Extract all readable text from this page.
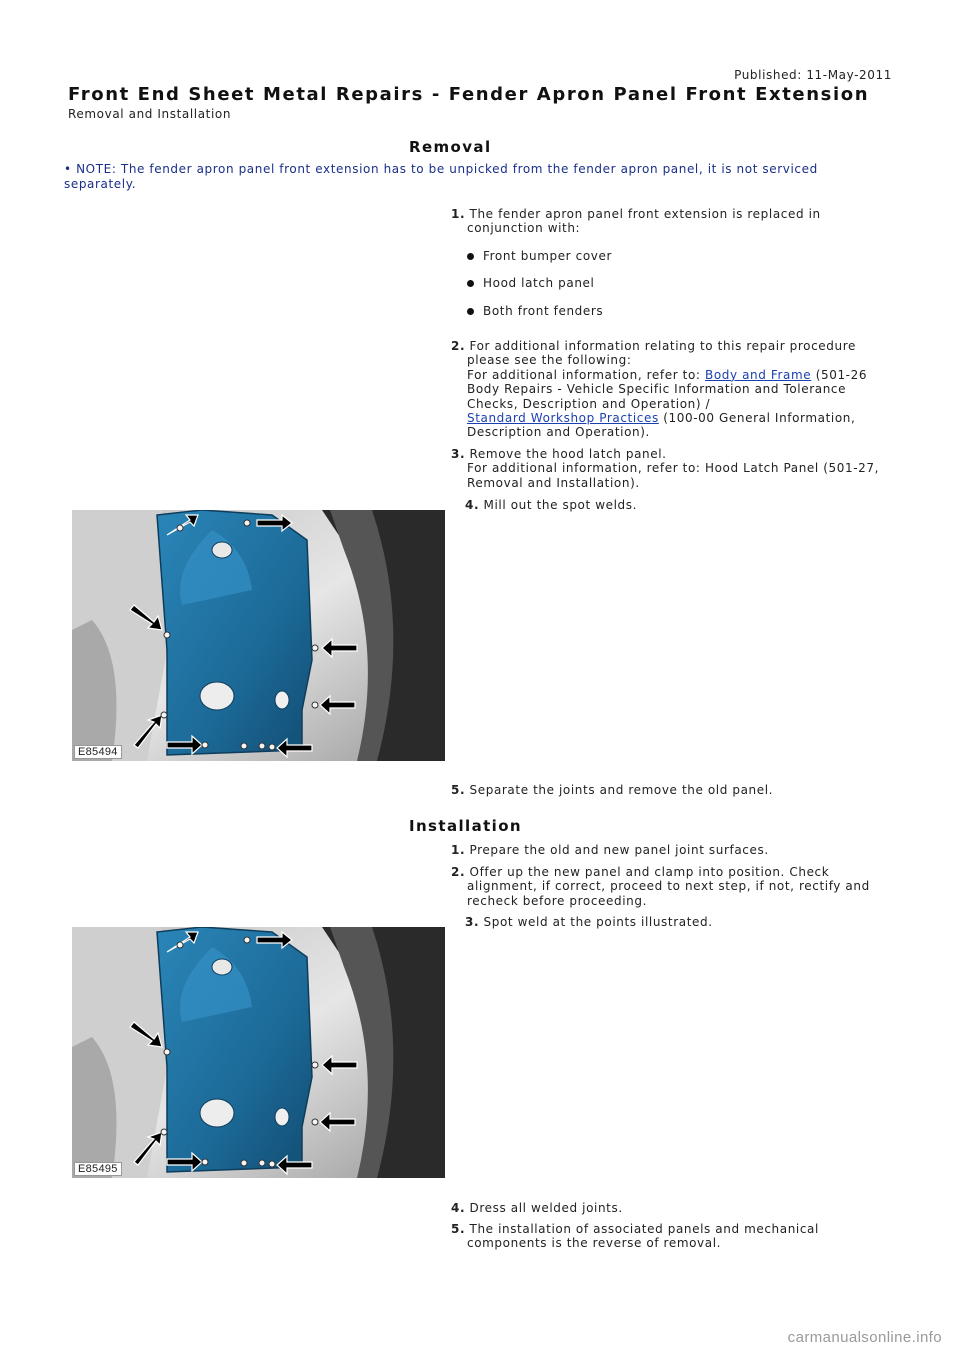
Published: 11-May-2011
Front End Sheet Metal Repairs - Fender Apron Panel Front Extension
Removal and Installation
Removal
• NOTE: The fender apron panel front extension has to be unpicked from the fender apron panel, it is not serviced separately.
1. The fender apron panel front extension is replaced in
conjunction with:
Front bumper cover
Hood latch panel
Both front fenders
2. For additional information relating to this repair procedure
please see the following:
For additional information, refer to: Body and Frame (501-26
Body Repairs - Vehicle Specific Information and Tolerance
Checks, Description and Operation) /
Standard Workshop Practices (100-00 General Information,
Description and Operation).
3. Remove the hood latch panel.
For additional information, refer to: Hood Latch Panel (501-27,
Removal and Installation).
4. Mill out the spot welds.
E85494
5. Separate the joints and remove the old panel.
Installation
1. Prepare the old and new panel joint surfaces.
2. Offer up the new panel and clamp into position. Check
alignment, if correct, proceed to next step, if not, rectify and
recheck before proceeding.
3. Spot weld at the points illustrated.
E85495
4. Dress all welded joints.
5. The installation of associated panels and mechanical
components is the reverse of removal.
carmanualsonline.info
